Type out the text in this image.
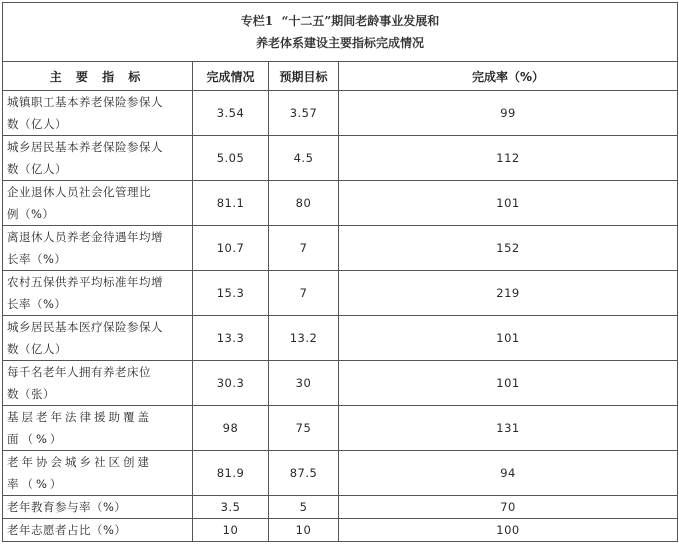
专栏1  “十二五”期间老龄事业发展和
养老体系建设主要指标完成情况			

主 要 指 标	完成情况	预期目标	完成率（%）

城镇职工基本养老保险参保人
数（亿人）	3.54	3.57	99

城乡居民基本养老保险参保人
数（亿人）	5.05	4.5	112

企业退休人员社会化管理比
例（%）	81.1	80	101

离退休人员养老金待遇年均增
长率（%）	10.7	7	152

农村五保供养平均标准年均增
长率（%）	15.3	7	219

城乡居民基本医疗保险参保人
数（亿人）	13.3	13.2	101

每千名老年人拥有养老床位
数（张）	30.3	30	101

基层老年法律援助覆盖
面（%）	98	75	131

老年协会城乡社区创建
率（%）	81.9	87.5	94

老年教育参与率（%）	3.5	5	70

老年志愿者占比（%）	10	10	100
